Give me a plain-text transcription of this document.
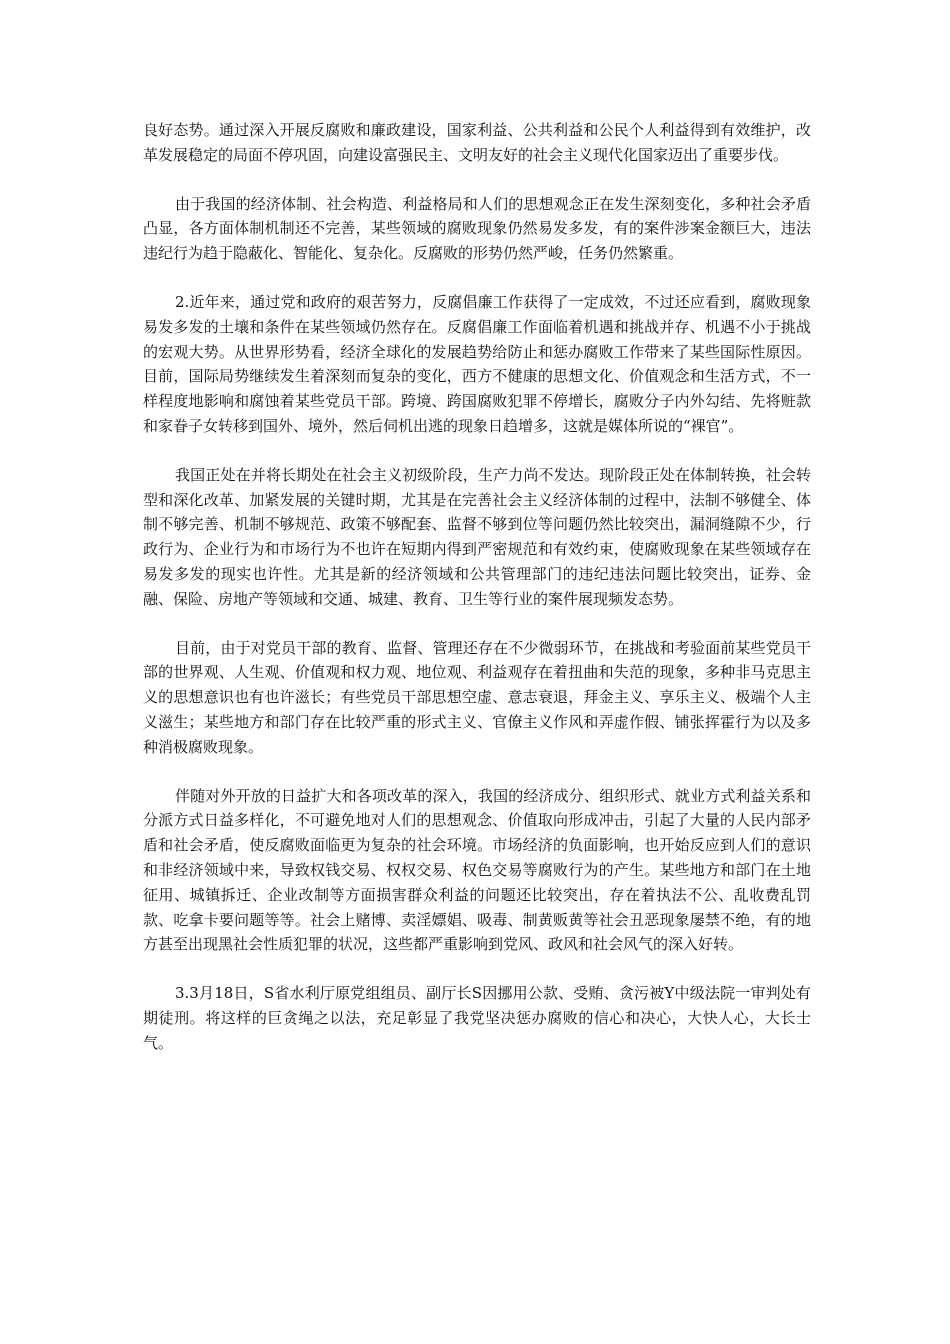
良好态势。通过深入开展反腐败和廉政建设，国家利益、公共利益和公民个人利益得到有效维护，改革发展稳定的局面不停巩固，向建设富强民主、文明友好的社会主义现代化国家迈出了重要步伐。

由于我国的经济体制、社会构造、利益格局和人们的思想观念正在发生深刻变化，多种社会矛盾凸显，各方面体制机制还不完善，某些领域的腐败现象仍然易发多发，有的案件涉案金额巨大，违法违纪行为趋于隐蔽化、智能化、复杂化。反腐败的形势仍然严峻，任务仍然繁重。

2.近年来，通过党和政府的艰苦努力，反腐倡廉工作获得了一定成效，不过还应看到，腐败现象易发多发的土壤和条件在某些领域仍然存在。反腐倡廉工作面临着机遇和挑战并存、机遇不小于挑战的宏观大势。从世界形势看，经济全球化的发展趋势给防止和惩办腐败工作带来了某些国际性原因。目前，国际局势继续发生着深刻而复杂的变化，西方不健康的思想文化、价值观念和生活方式，不一样程度地影响和腐蚀着某些党员干部。跨境、跨国腐败犯罪不停增长，腐败分子内外勾结、先将赃款和家眷子女转移到国外、境外，然后伺机出逃的现象日趋增多，这就是媒体所说的“裸官”。

我国正处在并将长期处在社会主义初级阶段，生产力尚不发达。现阶段正处在体制转换，社会转型和深化改革、加紧发展的关键时期，尤其是在完善社会主义经济体制的过程中，法制不够健全、体制不够完善、机制不够规范、政策不够配套、监督不够到位等问题仍然比较突出，漏洞缝隙不少，行政行为、企业行为和市场行为不也许在短期内得到严密规范和有效约束，使腐败现象在某些领域存在易发多发的现实也许性。尤其是新的经济领域和公共管理部门的违纪违法问题比较突出，证券、金融、保险、房地产等领域和交通、城建、教育、卫生等行业的案件展现频发态势。

目前，由于对党员干部的教育、监督、管理还存在不少微弱环节，在挑战和考验面前某些党员干部的世界观、人生观、价值观和权力观、地位观、利益观存在着扭曲和失范的现象，多种非马克思主义的思想意识也有也许滋长；有些党员干部思想空虚、意志衰退，拜金主义、享乐主义、极端个人主义滋生；某些地方和部门存在比较严重的形式主义、官僚主义作风和弄虚作假、铺张挥霍行为以及多种消极腐败现象。

伴随对外开放的日益扩大和各项改革的深入，我国的经济成分、组织形式、就业方式利益关系和分派方式日益多样化，不可避免地对人们的思想观念、价值取向形成冲击，引起了大量的人民内部矛盾和社会矛盾，使反腐败面临更为复杂的社会环境。市场经济的负面影响，也开始反应到人们的意识和非经济领域中来，导致权钱交易、权权交易、权色交易等腐败行为的产生。某些地方和部门在土地征用、城镇拆迁、企业改制等方面损害群众利益的问题还比较突出，存在着执法不公、乱收费乱罚款、吃拿卡要问题等等。社会上赌博、卖淫嫖娼、吸毒、制黄贩黄等社会丑恶现象屡禁不绝，有的地方甚至出现黑社会性质犯罪的状况，这些都严重影响到党风、政风和社会风气的深入好转。

3.3月18日，S省水利厅原党组组员、副厅长S因挪用公款、受贿、贪污被Y中级法院一审判处有期徒刑。将这样的巨贪绳之以法，充足彰显了我党坚决惩办腐败的信心和决心，大快人心，大长士气。
